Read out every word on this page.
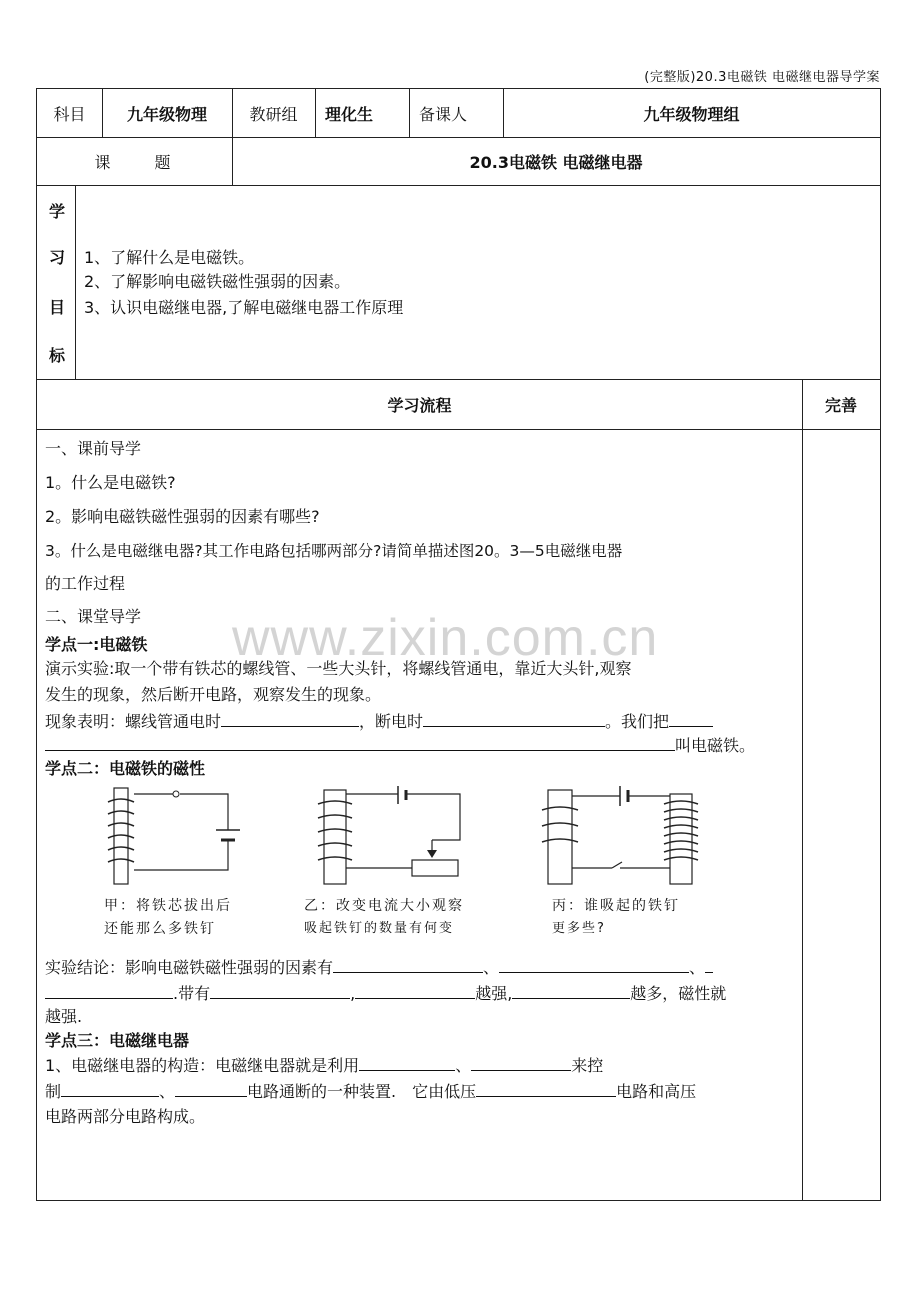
(完整版)20.3电磁铁 电磁继电器导学案
科目	九年级物理	教研组	理化生	备课人	九年级物理组
课　　题	20.3电磁铁 电磁继电器
学
习
目
标
1、了解什么是电磁铁。
2、了解影响电磁铁磁性强弱的因素。
3、认识电磁继电器,了解电磁继电器工作原理
学习流程	完善
www.zixin.com.cn
一、课前导学
1。什么是电磁铁?
2。影响电磁铁磁性强弱的因素有哪些?
3。什么是电磁继电器?其工作电路包括哪两部分?请简单描述图20。3—5电磁继电器
的工作过程
二、课堂导学
学点一:电磁铁
演示实验:取一个带有铁芯的螺线管、一些大头针，将螺线管通电，靠近大头针,观察
发生的现象，然后断开电路，观察发生的现象。
现象表明：螺线管通电时	，断电时	。我们把
叫电磁铁。
学点二：电磁铁的磁性
甲：将铁芯拔出后
还能那么多铁钉
乙：改变电流大小观察
吸起铁钉的数量有何变
丙：谁吸起的铁钉
更多些?
实验结论：影响电磁铁磁性强弱的因素有	、	、
.带有	,	越强,	越多，磁性就
越强.
学点三：电磁继电器
1、电磁继电器的构造：电磁继电器就是利用	、	来控
制	、	电路通断的一种装置.　它由低压	电路和高压
电路两部分电路构成。
